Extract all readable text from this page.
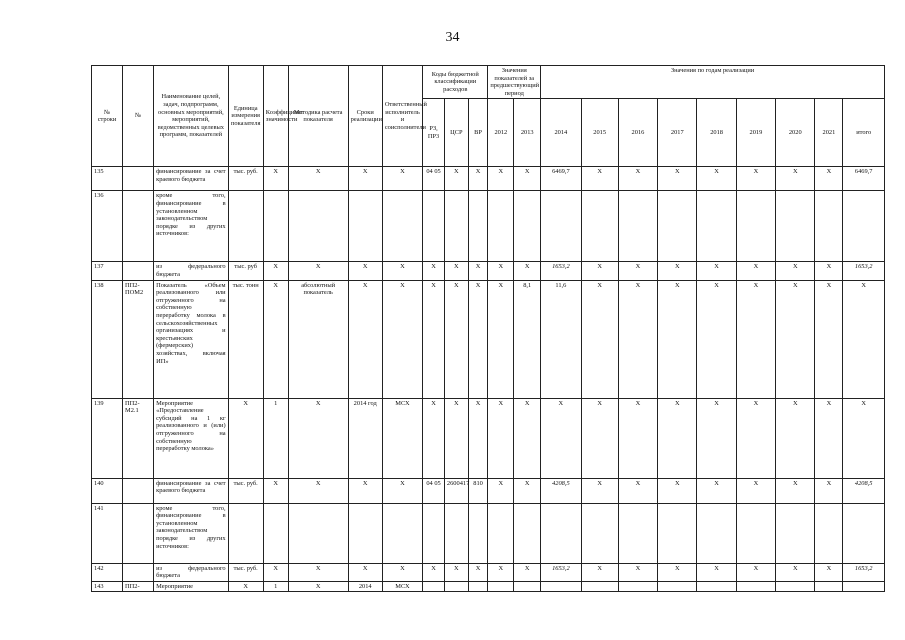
34
№ строки	№	Наименование целей, задач, подпрограмм, основных мероприятий, мероприятий, ведомственных целевых программ, показателей	Единица измерения показателя	Коэффициент значимости	Методика расчета показателя	Сроки реализации	Ответственный исполнитель и соисполнители	Коды бюджетной классификации расходов			Значения показателей за предшествующий период		Значения по годам реализации								
								РЗ, ПР3	ЦСР	ВР	2012	2013	2014	2015	2016	2017	2018	2019	2020	2021	итого
135		финансирование за счет краевого бюджета	тыс. руб.	X	X	X	X	04 05	X	X	X	X	6469,7	X	X	X	X	X	X	X	6469,7
136		кроме того, финансирование в установленном законодательством порядке из других источников:																			
137		из федерального бюджета	тыс. руб	X	X	X	X	X	X	X	X	X	1653,2	X	X	X	X	X	X	X	1653,2
138	ПП2-ПОМ2	Показатель «Объем реализованного или отгруженного на собственную переработку молока в сельскохозяйственных организациях и крестьянских (фермерских) хозяйствах, включая ИП»	тыс. тонн	X	абсолютный показатель	X	X	X	X	X	X	8,1	11,6	X	X	X	X	X	X	X	X
139	ПП2-М2.1	Мероприятие «Предоставление субсидий на 1 кг реализованного и (или) отгруженного на собственную переработку молока»	X	1	X	2014 год	МСХ	X	X	X	X	X	X	X	X	X	X	X	X	X	X
140		финансирование за счет краевого бюджета	тыс. руб.	X	X	X	X	04 05	2600417	810	X	X	4208,5	X	X	X	X	X	X	X	4208,5
141		кроме того, финансирование в установленном законодательством порядке из других источников:																			
142		из федерального бюджета	тыс. руб.	X	X	X	X	X	X	X	X	X	1653,2	X	X	X	X	X	X	X	1653,2
143	ПП2-	Мероприятие	X	1	X	2014	МСХ														
